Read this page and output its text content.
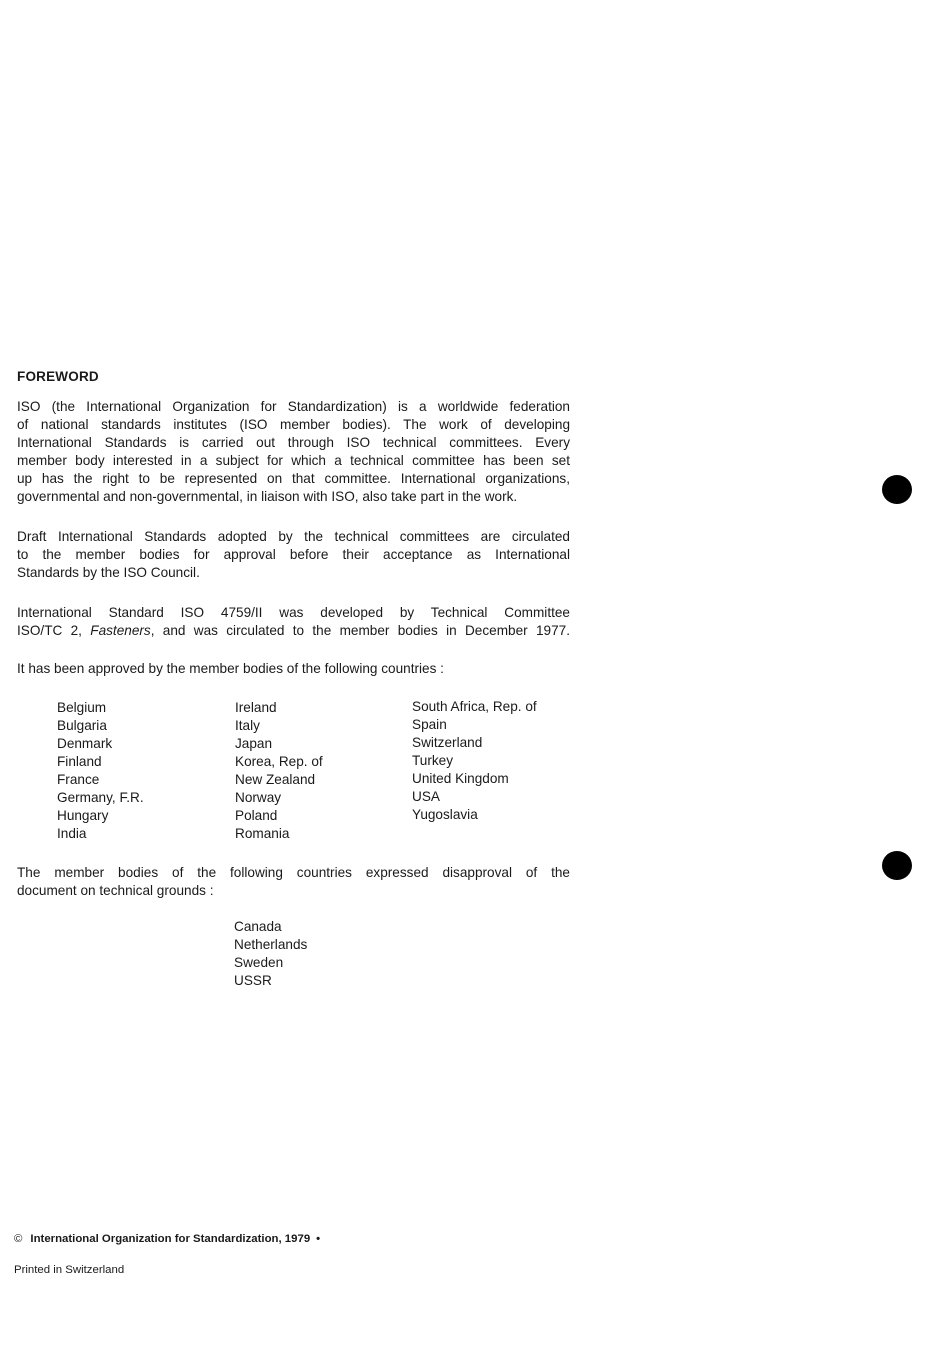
FOREWORD

ISO (the International Organization for Standardization) is a worldwide federation
of national standards institutes (ISO member bodies). The work of developing
International Standards is carried out through ISO technical committees. Every
member body interested in a subject for which a technical committee has been set
up has the right to be represented on that committee. International organizations,
governmental and non-governmental, in liaison with ISO, also take part in the work.

Draft International Standards adopted by the technical committees are circulated
to the member bodies for approval before their acceptance as International
Standards by the ISO Council.

International Standard ISO 4759/II was developed by Technical Committee
ISO/TC 2, Fasteners, and was circulated to the member bodies in December 1977.

It has been approved by the member bodies of the following countries :

Belgium
Bulgaria
Denmark
Finland
France
Germany, F.R.
Hungary
India
Ireland
Italy
Japan
Korea, Rep. of
New Zealand
Norway
Poland
Romania
South Africa, Rep. of
Spain
Switzerland
Turkey
United Kingdom
USA
Yugoslavia

The member bodies of the following countries expressed disapproval of the
document on technical grounds :

Canada
Netherlands
Sweden
USSR
© International Organization for Standardization, 1979 •
Printed in Switzerland
